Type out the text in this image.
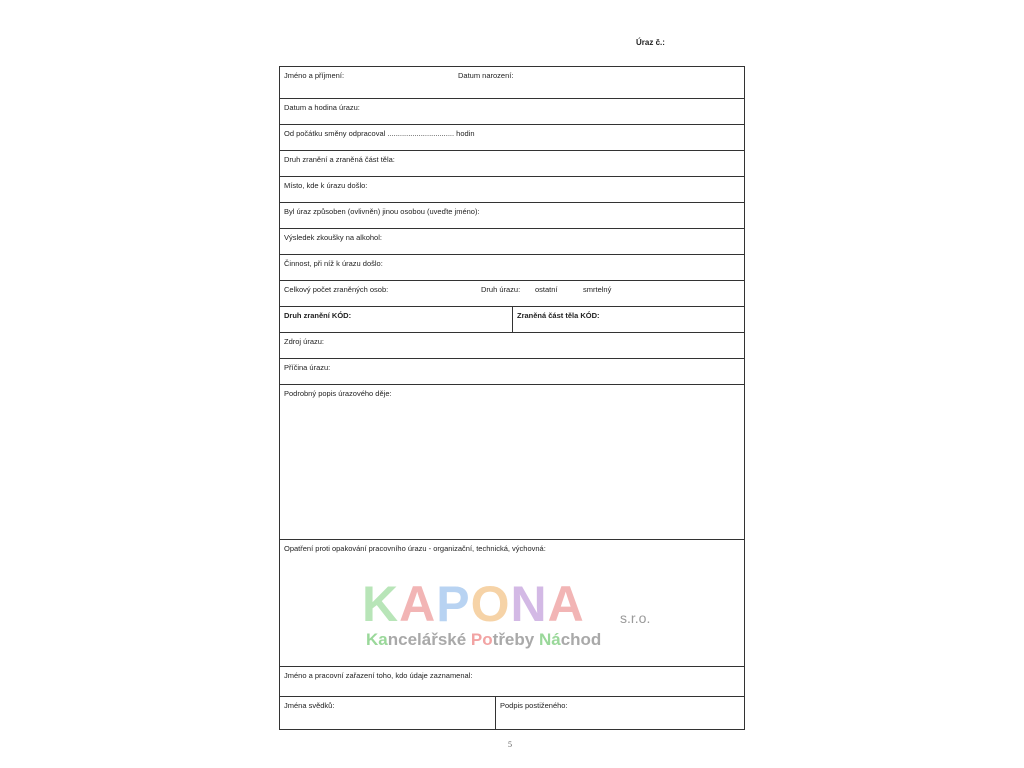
Úraz č.:
Jméno a příjmení:	Datum narození:
Datum a hodina úrazu:
Od počátku směny odpracoval ................................ hodin
Druh zranění a zraněná část těla:
Místo, kde k úrazu došlo:
Byl úraz způsoben (ovlivněn) jinou osobou (uveďte jméno):
Výsledek zkoušky na alkohol:
Činnost, při níž k úrazu došlo:
Celkový počet zraněných osob:	Druh úrazu: ostatní	smrtelný
Druh zranění KÓD:	Zraněná část těla KÓD:
Zdroj úrazu:
Příčina úrazu:
Podrobný popis úrazového děje:
Opatření proti opakování pracovního úrazu - organizační, technická, výchovná:
Jméno a pracovní zařazení toho, kdo údaje zaznamenal:
Jména svědků:	Podpis postiženého:
KAPONA	s.r.o.
Kancelářské Potřeby Náchod
5
